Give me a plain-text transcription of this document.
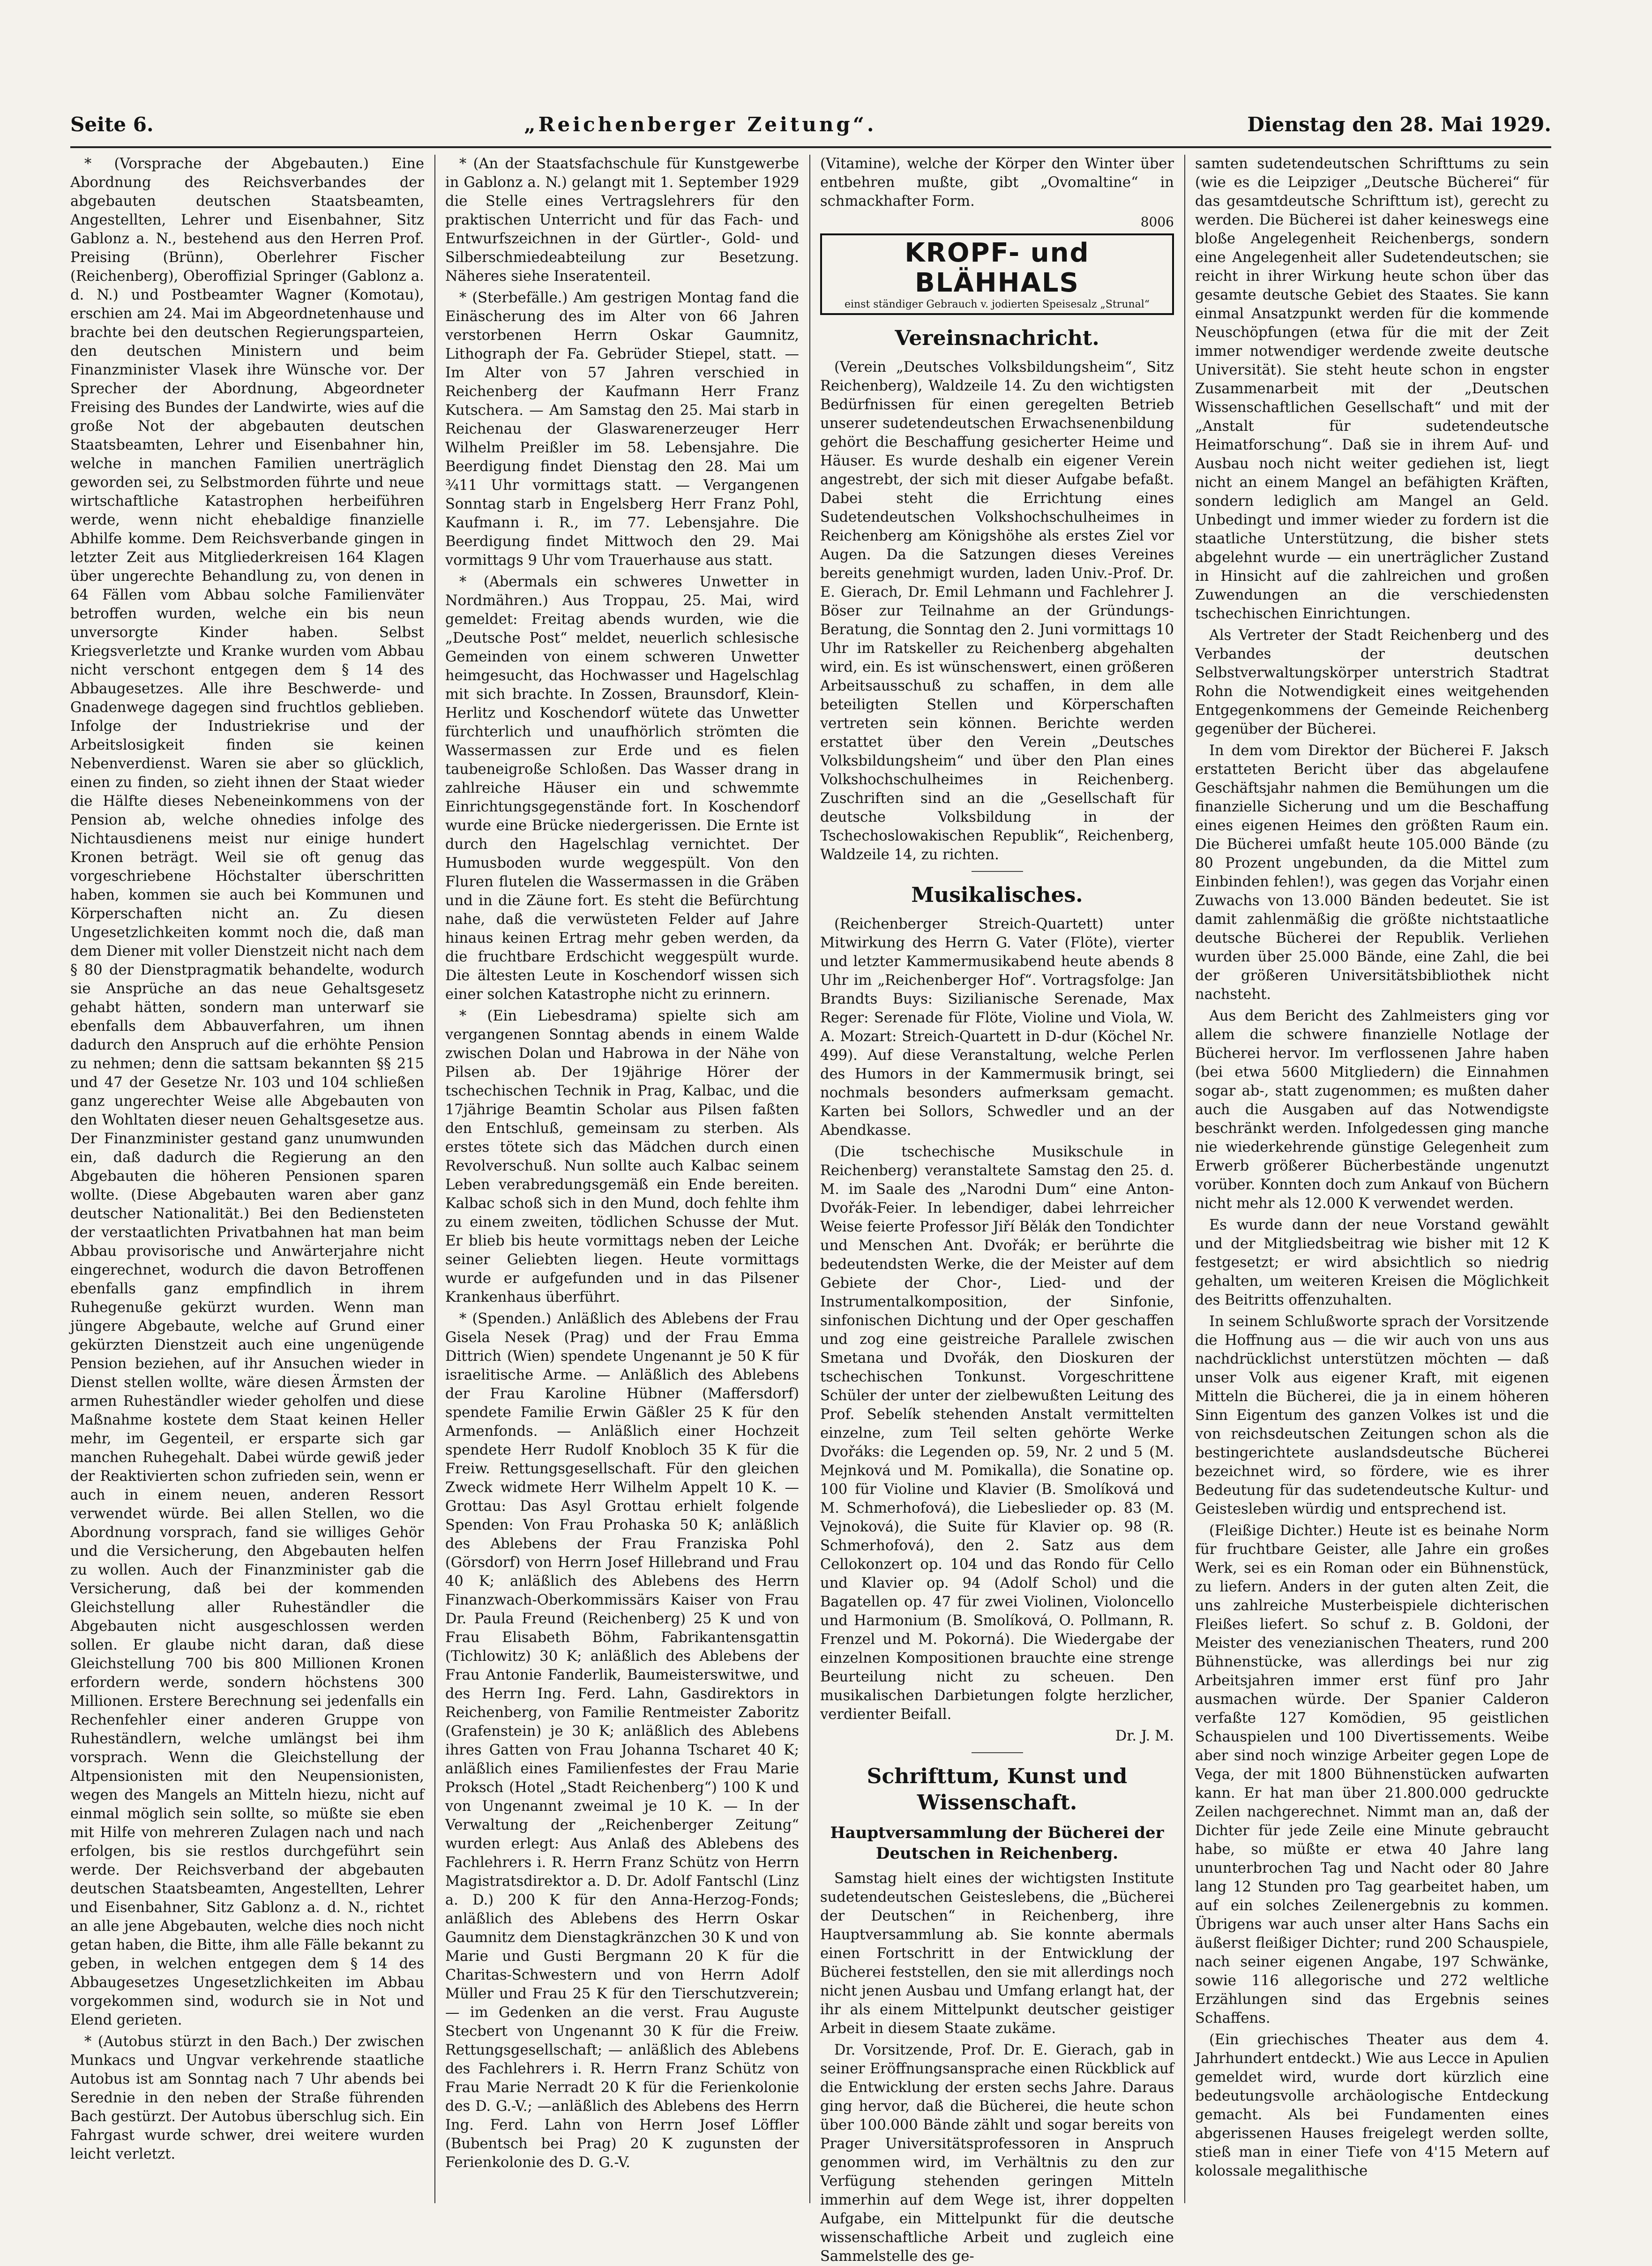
Seite 6.	„Reichenberger Zeitung“.	Dienstag den 28. Mai 1929.

* (Vorsprache der Abgebauten.) Eine Abordnung des Reichsverbandes der abgebauten deutschen Staatsbeamten, Angestellten, Lehrer und Eisenbahner, Sitz Gablonz a. N., bestehend aus den Herren Prof. Preising (Brünn), Oberlehrer Fischer (Reichenberg), Oberoffizial Springer (Gablonz a. d. N.) und Postbeamter Wagner (Komotau), erschien am 24. Mai im Abgeordnetenhause und brachte bei den deutschen Regierungsparteien, den deutschen Ministern und beim Finanzminister Vlasek ihre Wünsche vor. Der Sprecher der Abordnung, Abgeordneter Freising des Bundes der Landwirte, wies auf die große Not der abgebauten deutschen Staatsbeamten, Lehrer und Eisenbahner hin, welche in manchen Familien unerträglich geworden sei, zu Selbstmorden führte und neue wirtschaftliche Katastrophen herbeiführen werde, wenn nicht ehebaldige finanzielle Abhilfe komme. Dem Reichsverbande gingen in letzter Zeit aus Mitgliederkreisen 164 Klagen über ungerechte Behandlung zu, von denen in 64 Fällen vom Abbau solche Familienväter betroffen wurden, welche ein bis neun unversorgte Kinder haben. Selbst Kriegsverletzte und Kranke wurden vom Abbau nicht verschont entgegen dem § 14 des Abbaugesetzes. Alle ihre Beschwerde- und Gnadenwege dagegen sind fruchtlos geblieben. Infolge der Industriekrise und der Arbeitslosigkeit finden sie keinen Nebenverdienst. Waren sie aber so glücklich, einen zu finden, so zieht ihnen der Staat wieder die Hälfte dieses Nebeneinkommens von der Pension ab, welche ohnedies infolge des Nichtausdienens meist nur einige hundert Kronen beträgt. Weil sie oft genug das vorgeschriebene Höchstalter überschritten haben, kommen sie auch bei Kommunen und Körperschaften nicht an. Zu diesen Ungesetzlichkeiten kommt noch die, daß man dem Diener mit voller Dienstzeit nicht nach dem § 80 der Dienstpragmatik behandelte, wodurch sie Ansprüche an das neue Gehaltsgesetz gehabt hätten, sondern man unterwarf sie ebenfalls dem Abbauverfahren, um ihnen dadurch den Anspruch auf die erhöhte Pension zu nehmen; denn die sattsam bekannten §§ 215 und 47 der Gesetze Nr. 103 und 104 schließen ganz ungerechter Weise alle Abgebauten von den Wohltaten dieser neuen Gehaltsgesetze aus. Der Finanzminister gestand ganz unumwunden ein, daß dadurch die Regierung an den Abgebauten die höheren Pensionen sparen wollte. (Diese Abgebauten waren aber ganz deutscher Nationalität.) Bei den Bediensteten der verstaatlichten Privatbahnen hat man beim Abbau provisorische und Anwärterjahre nicht eingerechnet, wodurch die davon Betroffenen ebenfalls ganz empfindlich in ihrem Ruhegenuße gekürzt wurden. Wenn man jüngere Abgebaute, welche auf Grund einer gekürzten Dienstzeit auch eine ungenügende Pension beziehen, auf ihr Ansuchen wieder in Dienst stellen wollte, wäre diesen Ärmsten der armen Ruheständler wieder geholfen und diese Maßnahme kostete dem Staat keinen Heller mehr, im Gegenteil, er ersparte sich gar manchen Ruhegehalt. Dabei würde gewiß jeder der Reaktivierten schon zufrieden sein, wenn er auch in einem neuen, anderen Ressort verwendet würde. Bei allen Stellen, wo die Abordnung vorsprach, fand sie williges Gehör und die Versicherung, den Abgebauten helfen zu wollen. Auch der Finanzminister gab die Versicherung, daß bei der kommenden Gleichstellung aller Ruheständler die Abgebauten nicht ausgeschlossen werden sollen. Er glaube nicht daran, daß diese Gleichstellung 700 bis 800 Millionen Kronen erfordern werde, sondern höchstens 300 Millionen. Erstere Berechnung sei jedenfalls ein Rechenfehler einer anderen Gruppe von Ruheständlern, welche umlängst bei ihm vorsprach. Wenn die Gleichstellung der Altpensionisten mit den Neupensionisten, wegen des Mangels an Mitteln hiezu, nicht auf einmal möglich sein sollte, so müßte sie eben mit Hilfe von mehreren Zulagen nach und nach erfolgen, bis sie restlos durchgeführt sein werde. Der Reichsverband der abgebauten deutschen Staatsbeamten, Angestellten, Lehrer und Eisenbahner, Sitz Gablonz a. d. N., richtet an alle jene Abgebauten, welche dies noch nicht getan haben, die Bitte, ihm alle Fälle bekannt zu geben, in welchen entgegen dem § 14 des Abbaugesetzes Ungesetzlichkeiten im Abbau vorgekommen sind, wodurch sie in Not und Elend gerieten.

* (Autobus stürzt in den Bach.) Der zwischen Munkacs und Ungvar verkehrende staatliche Autobus ist am Sonntag nach 7 Uhr abends bei Serednie in den neben der Straße führenden Bach gestürzt. Der Autobus überschlug sich. Ein Fahrgast wurde schwer, drei weitere wurden leicht verletzt.

* (An der Staatsfachschule für Kunstgewerbe in Gablonz a. N.) gelangt mit 1. September 1929 die Stelle eines Vertragslehrers für den praktischen Unterricht und für das Fach- und Entwurfszeichnen in der Gürtler-, Gold- und Silberschmiedeabteilung zur Besetzung. Näheres siehe Inseratenteil.

* (Sterbefälle.) Am gestrigen Montag fand die Einäscherung des im Alter von 66 Jahren verstorbenen Herrn Oskar Gaumnitz, Lithograph der Fa. Gebrüder Stiepel, statt. — Im Alter von 57 Jahren verschied in Reichenberg der Kaufmann Herr Franz Kutschera. — Am Samstag den 25. Mai starb in Reichenau der Glaswarenerzeuger Herr Wilhelm Preißler im 58. Lebensjahre. Die Beerdigung findet Dienstag den 28. Mai um ¾11 Uhr vormittags statt. — Vergangenen Sonntag starb in Engelsberg Herr Franz Pohl, Kaufmann i. R., im 77. Lebensjahre. Die Beerdigung findet Mittwoch den 29. Mai vormittags 9 Uhr vom Trauerhause aus statt.

* (Abermals ein schweres Unwetter in Nordmähren.) Aus Troppau, 25. Mai, wird gemeldet: Freitag abends wurden, wie die „Deutsche Post“ meldet, neuerlich schlesische Gemeinden von einem schweren Unwetter heimgesucht, das Hochwasser und Hagelschlag mit sich brachte. In Zossen, Braunsdorf, Klein-Herlitz und Koschendorf wütete das Unwetter fürchterlich und unaufhörlich strömten die Wassermassen zur Erde und es fielen taubeneigroße Schloßen. Das Wasser drang in zahlreiche Häuser ein und schwemmte Einrichtungsgegenstände fort. In Koschendorf wurde eine Brücke niedergerissen. Die Ernte ist durch den Hagelschlag vernichtet. Der Humusboden wurde weggespült. Von den Fluren flutelen die Wassermassen in die Gräben und in die Zäune fort. Es steht die Befürchtung nahe, daß die verwüsteten Felder auf Jahre hinaus keinen Ertrag mehr geben werden, da die fruchtbare Erdschicht weggespült wurde. Die ältesten Leute in Koschendorf wissen sich einer solchen Katastrophe nicht zu erinnern.

* (Ein Liebesdrama) spielte sich am vergangenen Sonntag abends in einem Walde zwischen Dolan und Habrowa in der Nähe von Pilsen ab. Der 19jährige Hörer der tschechischen Technik in Prag, Kalbac, und die 17jährige Beamtin Scholar aus Pilsen faßten den Entschluß, gemeinsam zu sterben. Als erstes tötete sich das Mädchen durch einen Revolverschuß. Nun sollte auch Kalbac seinem Leben verabredungsgemäß ein Ende bereiten. Kalbac schoß sich in den Mund, doch fehlte ihm zu einem zweiten, tödlichen Schusse der Mut. Er blieb bis heute vormittags neben der Leiche seiner Geliebten liegen. Heute vormittags wurde er aufgefunden und in das Pilsener Krankenhaus überführt.

* (Spenden.) Anläßlich des Ablebens der Frau Gisela Nesek (Prag) und der Frau Emma Dittrich (Wien) spendete Ungenannt je 50 K für israelitische Arme. — Anläßlich des Ablebens der Frau Karoline Hübner (Maffersdorf) spendete Familie Erwin Gäßler 25 K für den Armenfonds. — Anläßlich einer Hochzeit spendete Herr Rudolf Knobloch 35 K für die Freiw. Rettungsgesellschaft. Für den gleichen Zweck widmete Herr Wilhelm Appelt 10 K. — Grottau: Das Asyl Grottau erhielt folgende Spenden: Von Frau Prohaska 50 K; anläßlich des Ablebens der Frau Franziska Pohl (Görsdorf) von Herrn Josef Hillebrand und Frau 40 K; anläßlich des Ablebens des Herrn Finanzwach-Oberkommissärs Kaiser von Frau Dr. Paula Freund (Reichenberg) 25 K und von Frau Elisabeth Böhm, Fabrikantensgattin (Tichlowitz) 30 K; anläßlich des Ablebens der Frau Antonie Fanderlik, Baumeisterswitwe, und des Herrn Ing. Ferd. Lahn, Gasdirektors in Reichenberg, von Familie Rentmeister Zaboritz (Grafenstein) je 30 K; anläßlich des Ablebens ihres Gatten von Frau Johanna Tscharet 40 K; anläßlich eines Familienfestes der Frau Marie Proksch (Hotel „Stadt Reichenberg“) 100 K und von Ungenannt zweimal je 10 K. — In der Verwaltung der „Reichenberger Zeitung“ wurden erlegt: Aus Anlaß des Ablebens des Fachlehrers i. R. Herrn Franz Schütz von Herrn Magistratsdirektor a. D. Dr. Adolf Fantschl (Linz a. D.) 200 K für den Anna-Herzog-Fonds; anläßlich des Ablebens des Herrn Oskar Gaumnitz dem Dienstagkränzchen 30 K und von Marie und Gusti Bergmann 20 K für die Charitas-Schwestern und von Herrn Adolf Müller und Frau 25 K für den Tierschutzverein; — im Gedenken an die verst. Frau Auguste Stecbert von Ungenannt 30 K für die Freiw. Rettungsgesellschaft; — anläßlich des Ablebens des Fachlehrers i. R. Herrn Franz Schütz von Frau Marie Nerradt 20 K für die Ferienkolonie des D. G.-V.; —anläßlich des Ablebens des Herrn Ing. Ferd. Lahn von Herrn Josef Löffler (Bubentsch bei Prag) 20 K zugunsten der Ferienkolonie des D. G.-V.

(Vitamine), welche der Körper den Winter über entbehren mußte, gibt „Ovomaltine“ in schmackhafter Form.

8006
KROPF- und BLÄHHALS
einst ständiger Gebrauch v. jodierten Speisesalz „Strunal“
Vereinsnachricht.

(Verein „Deutsches Volksbildungsheim“, Sitz Reichenberg), Waldzeile 14. Zu den wichtigsten Bedürfnissen für einen geregelten Betrieb unserer sudetendeutschen Erwachsenenbildung gehört die Beschaffung gesicherter Heime und Häuser. Es wurde deshalb ein eigener Verein angestrebt, der sich mit dieser Aufgabe befaßt. Dabei steht die Errichtung eines Sudetendeutschen Volkshochschulheimes in Reichenberg am Königshöhe als erstes Ziel vor Augen. Da die Satzungen dieses Vereines bereits genehmigt wurden, laden Univ.-Prof. Dr. E. Gierach, Dr. Emil Lehmann und Fachlehrer J. Böser zur Teilnahme an der Gründungs-Beratung, die Sonntag den 2. Juni vormittags 10 Uhr im Ratskeller zu Reichenberg abgehalten wird, ein. Es ist wünschenswert, einen größeren Arbeitsausschuß zu schaffen, in dem alle beteiligten Stellen und Körperschaften vertreten sein können. Berichte werden erstattet über den Verein „Deutsches Volksbildungsheim“ und über den Plan eines Volkshochschulheimes in Reichenberg. Zuschriften sind an die „Gesellschaft für deutsche Volksbildung in der Tschechoslowakischen Republik“, Reichenberg, Waldzeile 14, zu richten.

Musikalisches.

(Reichenberger Streich-Quartett) unter Mitwirkung des Herrn G. Vater (Flöte), vierter und letzter Kammermusikabend heute abends 8 Uhr im „Reichenberger Hof“. Vortragsfolge: Jan Brandts Buys: Sizilianische Serenade, Max Reger: Serenade für Flöte, Violine und Viola, W. A. Mozart: Streich-Quartett in D-dur (Köchel Nr. 499). Auf diese Veranstaltung, welche Perlen des Humors in der Kammermusik bringt, sei nochmals besonders aufmerksam gemacht. Karten bei Sollors, Schwedler und an der Abendkasse.

(Die tschechische Musikschule in Reichenberg) veranstaltete Samstag den 25. d. M. im Saale des „Narodni Dum“ eine Anton-Dvořák-Feier. In lebendiger, dabei lehrreicher Weise feierte Professor Jiří Bělák den Tondichter und Menschen Ant. Dvořák; er berührte die bedeutendsten Werke, die der Meister auf dem Gebiete der Chor-, Lied- und der Instrumentalkomposition, der Sinfonie, sinfonischen Dichtung und der Oper geschaffen und zog eine geistreiche Parallele zwischen Smetana und Dvořák, den Dioskuren der tschechischen Tonkunst. Vorgeschrittene Schüler der unter der zielbewußten Leitung des Prof. Sebelík stehenden Anstalt vermittelten einzelne, zum Teil selten gehörte Werke Dvořáks: die Legenden op. 59, Nr. 2 und 5 (M. Mejnková und M. Pomikalla), die Sonatine op. 100 für Violine und Klavier (B. Smolíková und M. Schmerhofová), die Liebeslieder op. 83 (M. Vejnoková), die Suite für Klavier op. 98 (R. Schmerhofová), den 2. Satz aus dem Cellokonzert op. 104 und das Rondo für Cello und Klavier op. 94 (Adolf Schol) und die Bagatellen op. 47 für zwei Violinen, Violoncello und Harmonium (B. Smolíková, O. Pollmann, R. Frenzel und M. Pokorná). Die Wiedergabe der einzelnen Kompositionen brauchte eine strenge Beurteilung nicht zu scheuen. Den musikalischen Darbietungen folgte herzlicher, verdienter Beifall.

Dr. J. M.
Schrifttum, Kunst und Wissenschaft.
Hauptversammlung der Bücherei der Deutschen in Reichenberg.

Samstag hielt eines der wichtigsten Institute sudetendeutschen Geisteslebens, die „Bücherei der Deutschen“ in Reichenberg, ihre Hauptversammlung ab. Sie konnte abermals einen Fortschritt in der Entwicklung der Bücherei feststellen, den sie mit allerdings noch nicht jenen Ausbau und Umfang erlangt hat, der ihr als einem Mittelpunkt deutscher geistiger Arbeit in diesem Staate zukäme.

Dr. Vorsitzende, Prof. Dr. E. Gierach, gab in seiner Eröffnungsansprache einen Rückblick auf die Entwicklung der ersten sechs Jahre. Daraus ging hervor, daß die Bücherei, die heute schon über 100.000 Bände zählt und sogar bereits von Prager Universitätsprofessoren in Anspruch genommen wird, im Verhältnis zu den zur Verfügung stehenden geringen Mitteln immerhin auf dem Wege ist, ihrer doppelten Aufgabe, ein Mittelpunkt für die deutsche wissenschaftliche Arbeit und zugleich eine Sammelstelle des ge-

samten sudetendeutschen Schrifttums zu sein (wie es die Leipziger „Deutsche Bücherei“ für das gesamtdeutsche Schrifttum ist), gerecht zu werden. Die Bücherei ist daher keineswegs eine bloße Angelegenheit Reichenbergs, sondern eine Angelegenheit aller Sudetendeutschen; sie reicht in ihrer Wirkung heute schon über das gesamte deutsche Gebiet des Staates. Sie kann einmal Ansatzpunkt werden für die kommende Neuschöpfungen (etwa für die mit der Zeit immer notwendiger werdende zweite deutsche Universität). Sie steht heute schon in engster Zusammenarbeit mit der „Deutschen Wissenschaftlichen Gesellschaft“ und mit der „Anstalt für sudetendeutsche Heimatforschung“. Daß sie in ihrem Auf- und Ausbau noch nicht weiter gediehen ist, liegt nicht an einem Mangel an befähigten Kräften, sondern lediglich am Mangel an Geld. Unbedingt und immer wieder zu fordern ist die staatliche Unterstützung, die bisher stets abgelehnt wurde — ein unerträglicher Zustand in Hinsicht auf die zahlreichen und großen Zuwendungen an die verschiedensten tschechischen Einrichtungen.

Als Vertreter der Stadt Reichenberg und des Verbandes der deutschen Selbstverwaltungskörper unterstrich Stadtrat Rohn die Notwendigkeit eines weitgehenden Entgegenkommens der Gemeinde Reichenberg gegenüber der Bücherei.

In dem vom Direktor der Bücherei F. Jaksch erstatteten Bericht über das abgelaufene Geschäftsjahr nahmen die Bemühungen um die finanzielle Sicherung und um die Beschaffung eines eigenen Heimes den größten Raum ein. Die Bücherei umfaßt heute 105.000 Bände (zu 80 Prozent ungebunden, da die Mittel zum Einbinden fehlen!), was gegen das Vorjahr einen Zuwachs von 13.000 Bänden bedeutet. Sie ist damit zahlenmäßig die größte nichtstaatliche deutsche Bücherei der Republik. Verliehen wurden über 25.000 Bände, eine Zahl, die bei der größeren Universitätsbibliothek nicht nachsteht.

Aus dem Bericht des Zahlmeisters ging vor allem die schwere finanzielle Notlage der Bücherei hervor. Im verflossenen Jahre haben (bei etwa 5600 Mitgliedern) die Einnahmen sogar ab-, statt zugenommen; es mußten daher auch die Ausgaben auf das Notwendigste beschränkt werden. Infolgedessen ging manche nie wiederkehrende günstige Gelegenheit zum Erwerb größerer Bücherbestände ungenutzt vorüber. Konnten doch zum Ankauf von Büchern nicht mehr als 12.000 K verwendet werden.

Es wurde dann der neue Vorstand gewählt und der Mitgliedsbeitrag wie bisher mit 12 K festgesetzt; er wird absichtlich so niedrig gehalten, um weiteren Kreisen die Möglichkeit des Beitritts offenzuhalten.

In seinem Schlußworte sprach der Vorsitzende die Hoffnung aus — die wir auch von uns aus nachdrücklichst unterstützen möchten — daß unser Volk aus eigener Kraft, mit eigenen Mitteln die Bücherei, die ja in einem höheren Sinn Eigentum des ganzen Volkes ist und die von reichsdeutschen Zeitungen schon als die bestingerichtete auslandsdeutsche Bücherei bezeichnet wird, so fördere, wie es ihrer Bedeutung für das sudetendeutsche Kultur- und Geistesleben würdig und entsprechend ist.

(Fleißige Dichter.) Heute ist es beinahe Norm für fruchtbare Geister, alle Jahre ein großes Werk, sei es ein Roman oder ein Bühnenstück, zu liefern. Anders in der guten alten Zeit, die uns zahlreiche Musterbeispiele dichterischen Fleißes liefert. So schuf z. B. Goldoni, der Meister des venezianischen Theaters, rund 200 Bühnenstücke, was allerdings bei nur zig Arbeitsjahren immer erst fünf pro Jahr ausmachen würde. Der Spanier Calderon verfaßte 127 Komödien, 95 geistlichen Schauspielen und 100 Divertissements. Weibe aber sind noch winzige Arbeiter gegen Lope de Vega, der mit 1800 Bühnenstücken aufwarten kann. Er hat man über 21.800.000 gedruckte Zeilen nachgerechnet. Nimmt man an, daß der Dichter für jede Zeile eine Minute gebraucht habe, so müßte er etwa 40 Jahre lang ununterbrochen Tag und Nacht oder 80 Jahre lang 12 Stunden pro Tag gearbeitet haben, um auf ein solches Zeilenergebnis zu kommen. Übrigens war auch unser alter Hans Sachs ein äußerst fleißiger Dichter; rund 200 Schauspiele, nach seiner eigenen Angabe, 197 Schwänke, sowie 116 allegorische und 272 weltliche Erzählungen sind das Ergebnis seines Schaffens.

(Ein griechisches Theater aus dem 4. Jahrhundert entdeckt.) Wie aus Lecce in Apulien gemeldet wird, wurde dort kürzlich eine bedeutungsvolle archäologische Entdeckung gemacht. Als bei Fundamenten eines abgerissenen Hauses freigelegt werden sollte, stieß man in einer Tiefe von 4'15 Metern auf kolossale megalithische
